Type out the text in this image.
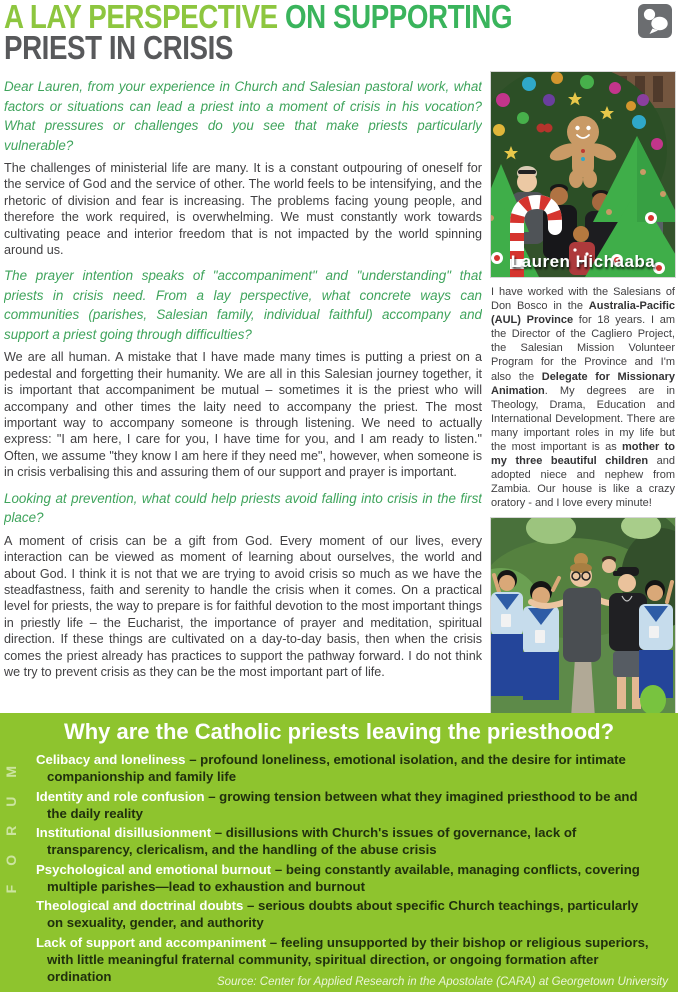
A LAY PERSPECTIVE ON SUPPORTING
PRIEST IN CRISIS

Dear Lauren, from your experience in Church and Salesian pastoral work, what factors or situations can lead a priest into a moment of crisis in his vocation? What pressures or challenges do you see that make priests particularly vulnerable?

The challenges of ministerial life are many. It is a constant outpouring of oneself for the service of God and the service of other. The world feels to be intensifying, and the rhetoric of division and fear is increasing. The problems facing young people, and therefore the work required, is overwhelming. We must constantly work towards cultivating peace and interior freedom that is not impacted by the world spinning around us.

The prayer intention speaks of "accompaniment" and "understanding" that priests in crisis need. From a lay perspective, what concrete ways can communities (parishes, Salesian family, individual faithful) accompany and support a priest going through difficulties?

We are all human. A mistake that I have made many times is putting a priest on a pedestal and forgetting their humanity. We are all in this Salesian journey together, it is important that accompaniment be mutual – sometimes it is the priest who will accompany and other times the laity need to accompany the priest. The most important way to accompany someone is through listening. We need to actually express: "I am here, I care for you, I have time for you, and I am ready to listen." Often, we assume "they know I am here if they need me", however, when someone is in crisis verbalising this and assuring them of our support and prayer is important.

Looking at prevention, what could help priests avoid falling into crisis in the first place?

A moment of crisis can be a gift from God. Every moment of our lives, every interaction can be viewed as moment of learning about ourselves, the world and about God. I think it is not that we are trying to avoid crisis so much as we have the steadfastness, faith and serenity to handle the crisis when it comes. On a practical level for priests, the way to prepare is for faithful devotion to the most important things in priestly life – the Eucharist, the importance of prayer and meditation, spiritual direction. If these things are cultivated on a day-to-day basis, then when the crisis comes the priest already has practices to support the pathway forward. I do not think we try to prevent crisis as they can be the most important part of life.

Lauren Hichaaba

I have worked with the Salesians of Don Bosco in the Australia-Pacific (AUL) Province for 18 years. I am the Director of the Cagliero Project, the Salesian Mission Volunteer Program for the Province and I'm also the Delegate for Missionary Animation. My degrees are in Theology, Drama, Education and International Development. There are many important roles in my life but the most important is as mother to my three beautiful children and adopted niece and nephew from Zambia. Our house is like a crazy oratory - and I love every minute!

FORUM
Why are the Catholic priests leaving the priesthood?
Celibacy and loneliness – profound loneliness, emotional isolation, and the desire for intimate companionship and family life
Identity and role confusion – growing tension between what they imagined priesthood to be and the daily reality
Institutional disillusionment – disillusions with Church's issues of governance, lack of transparency, clericalism, and the handling of the abuse crisis
Psychological and emotional burnout – being constantly available, managing conflicts, covering multiple parishes—lead to exhaustion and burnout
Theological and doctrinal doubts – serious doubts about specific Church teachings, particularly on sexuality, gender, and authority
Lack of support and accompaniment – feeling unsupported by their bishop or religious superiors, with little meaningful fraternal community, spiritual direction, or ongoing formation after ordination	Source: Center for Applied Research in the Apostolate (CARA) at Georgetown University
